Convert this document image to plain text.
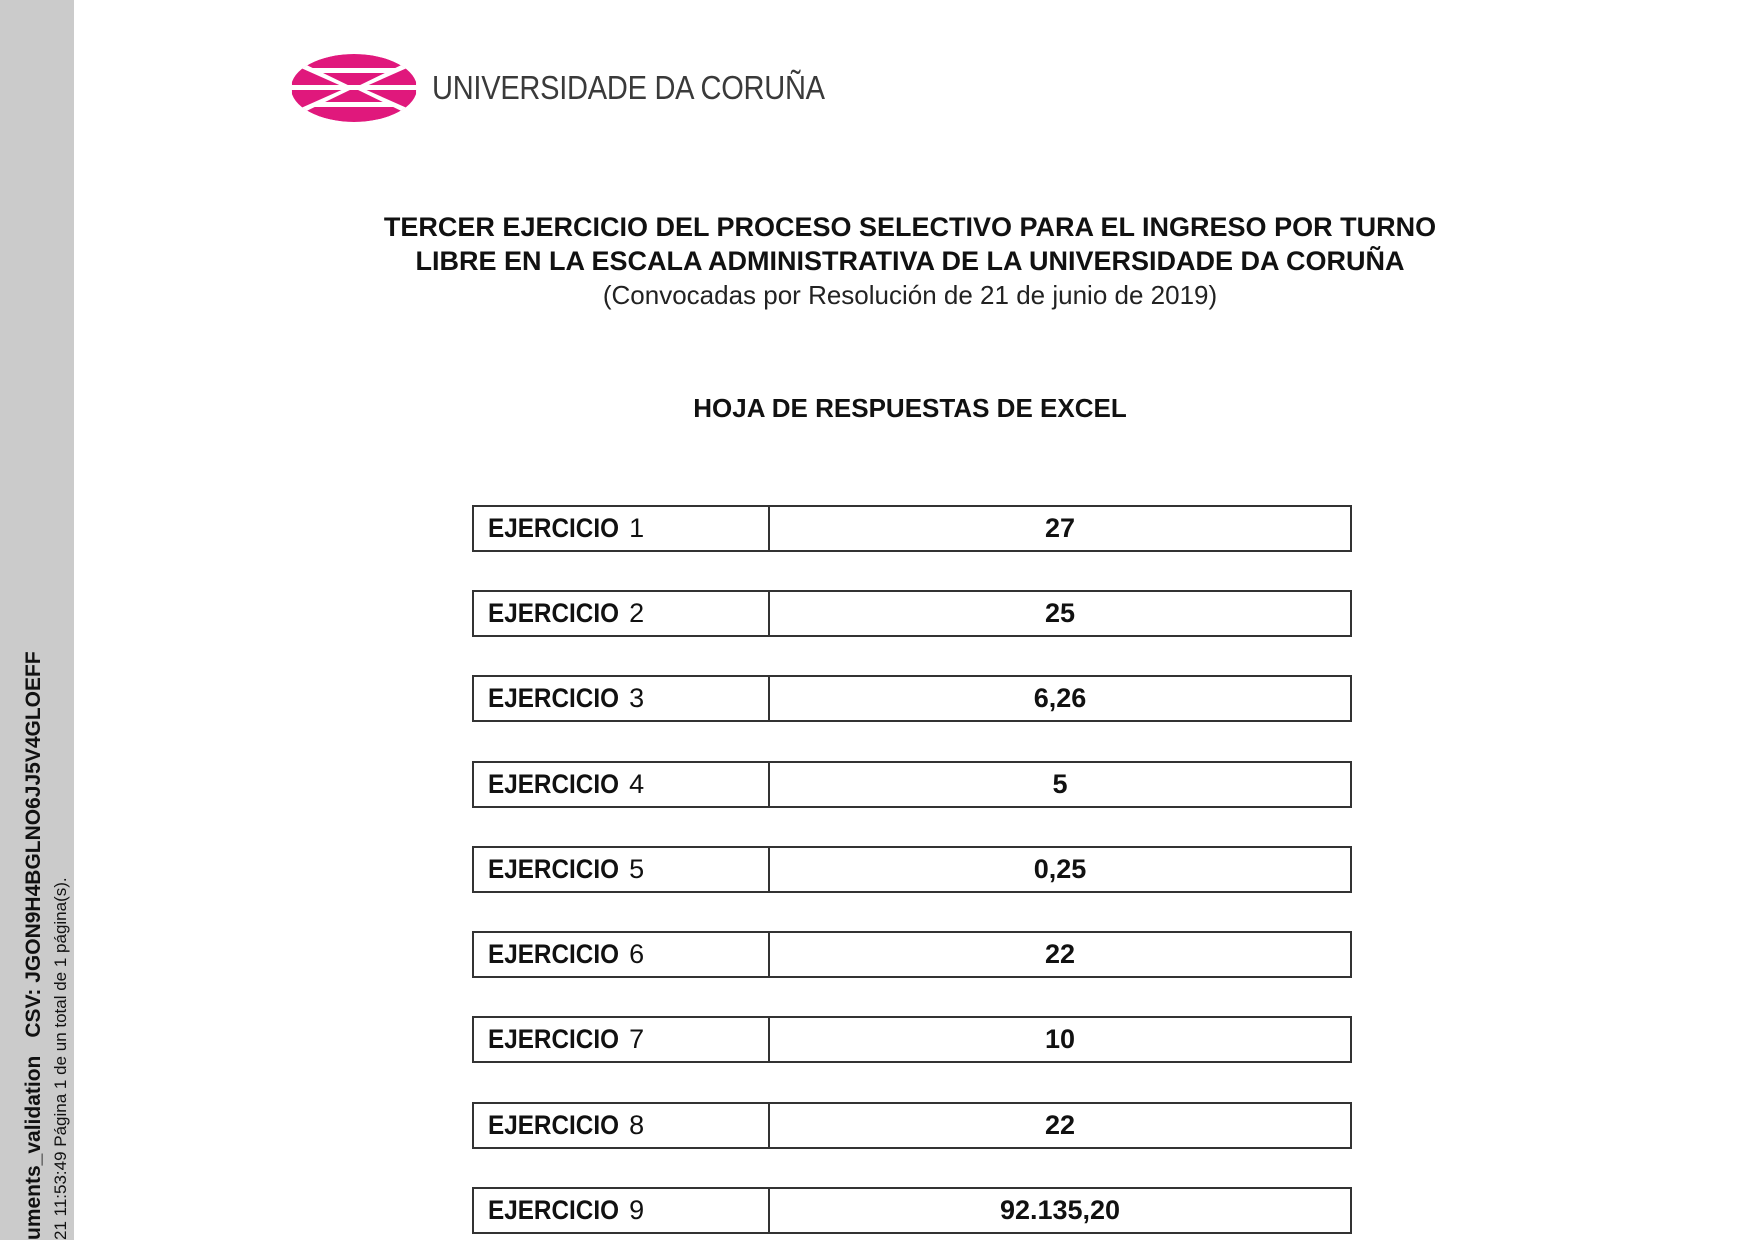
uments_validationCSV: JGON9H4BGLNO6JJ5V4GLOEFF
21 11:53:49 Página 1 de un total de 1 página(s).
UNIVERSIDADE DA CORUÑA
TERCER EJERCICIO DEL PROCESO SELECTIVO PARA EL INGRESO POR TURNO
LIBRE EN LA ESCALA ADMINISTRATIVA DE LA UNIVERSIDADE DA CORUÑA
(Convocadas por Resolución de 21 de junio de 2019)
HOJA DE RESPUESTAS DE EXCEL
EJERCICIO 1	27
EJERCICIO 2	25
EJERCICIO 3	6,26
EJERCICIO 4	5
EJERCICIO 5	0,25
EJERCICIO 6	22
EJERCICIO 7	10
EJERCICIO 8	22
EJERCICIO 9	92.135,20
